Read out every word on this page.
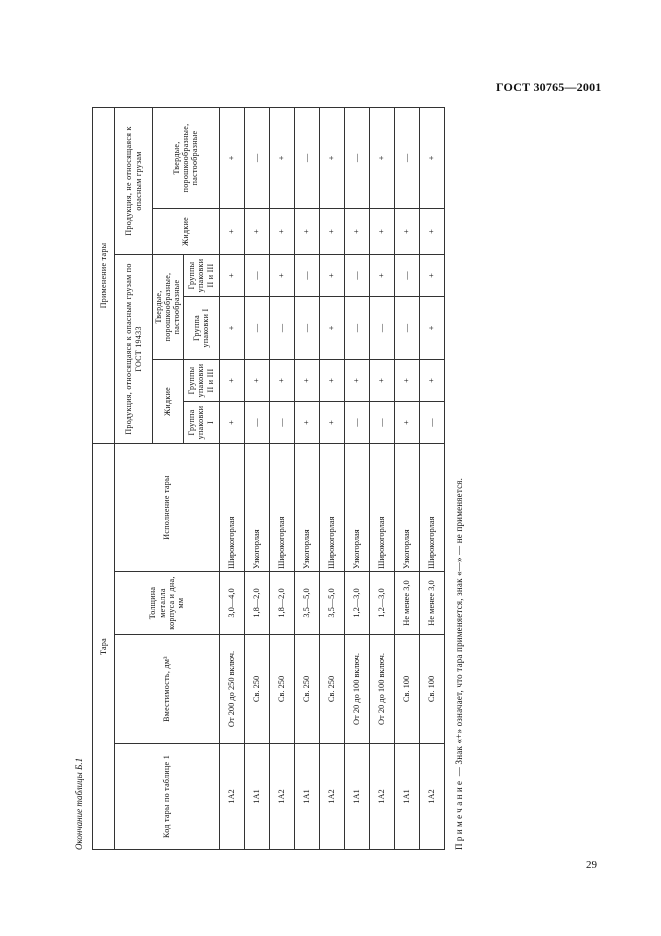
ГОСТ 30765—2001
Окончание таблицы Б.1
Тара				Применение тары					
Код тары по таблице 1	Вместимость, дм³	Толщина металла корпуса и дна, мм	Исполнение тары	Продукция, относящаяся к опасным грузам по ГОСТ 19433				Продукция, не относящаяся к опасным грузам	
				Жидкие		Твердые, порошкообразные, пастообразные		Жидкие	Твердые, порошкообразные, пастообразные
				Группа упаковки I	Группы упаковки II и III	Группа упаковки I	Группы упаковки II и III		
1А2	От 200 до 250 включ.	3,0—4,0	Широкогорлая	+	+	+	+	+	+
1А1	Св. 250	1,8—2,0	Узкогорлая	—	+	—	—	+	—
1А2	Св. 250	1,8—2,0	Широкогорлая	—	+	—	+	+	+
1А1	Св. 250	3,5—5,0	Узкогорлая	+	+	—	—	+	—
1А2	Св. 250	3,5—5,0	Широкогорлая	+	+	+	+	+	+
1А1	От 20 до 100 включ.	1,2—3,0	Узкогорлая	—	+	—	—	+	—
1А2	От 20 до 100 включ.	1,2—3,0	Широкогорлая	—	+	—	+	+	+
1А1	Св. 100	Не менее 3,0	Узкогорлая	+	+	—	—	+	—
1А2	Св. 100	Не менее 3,0	Широкогорлая	—	+	+	+	+	+
Примечание — Знак «+» означает, что тара применяется, знак «—» — не применяется.
29
